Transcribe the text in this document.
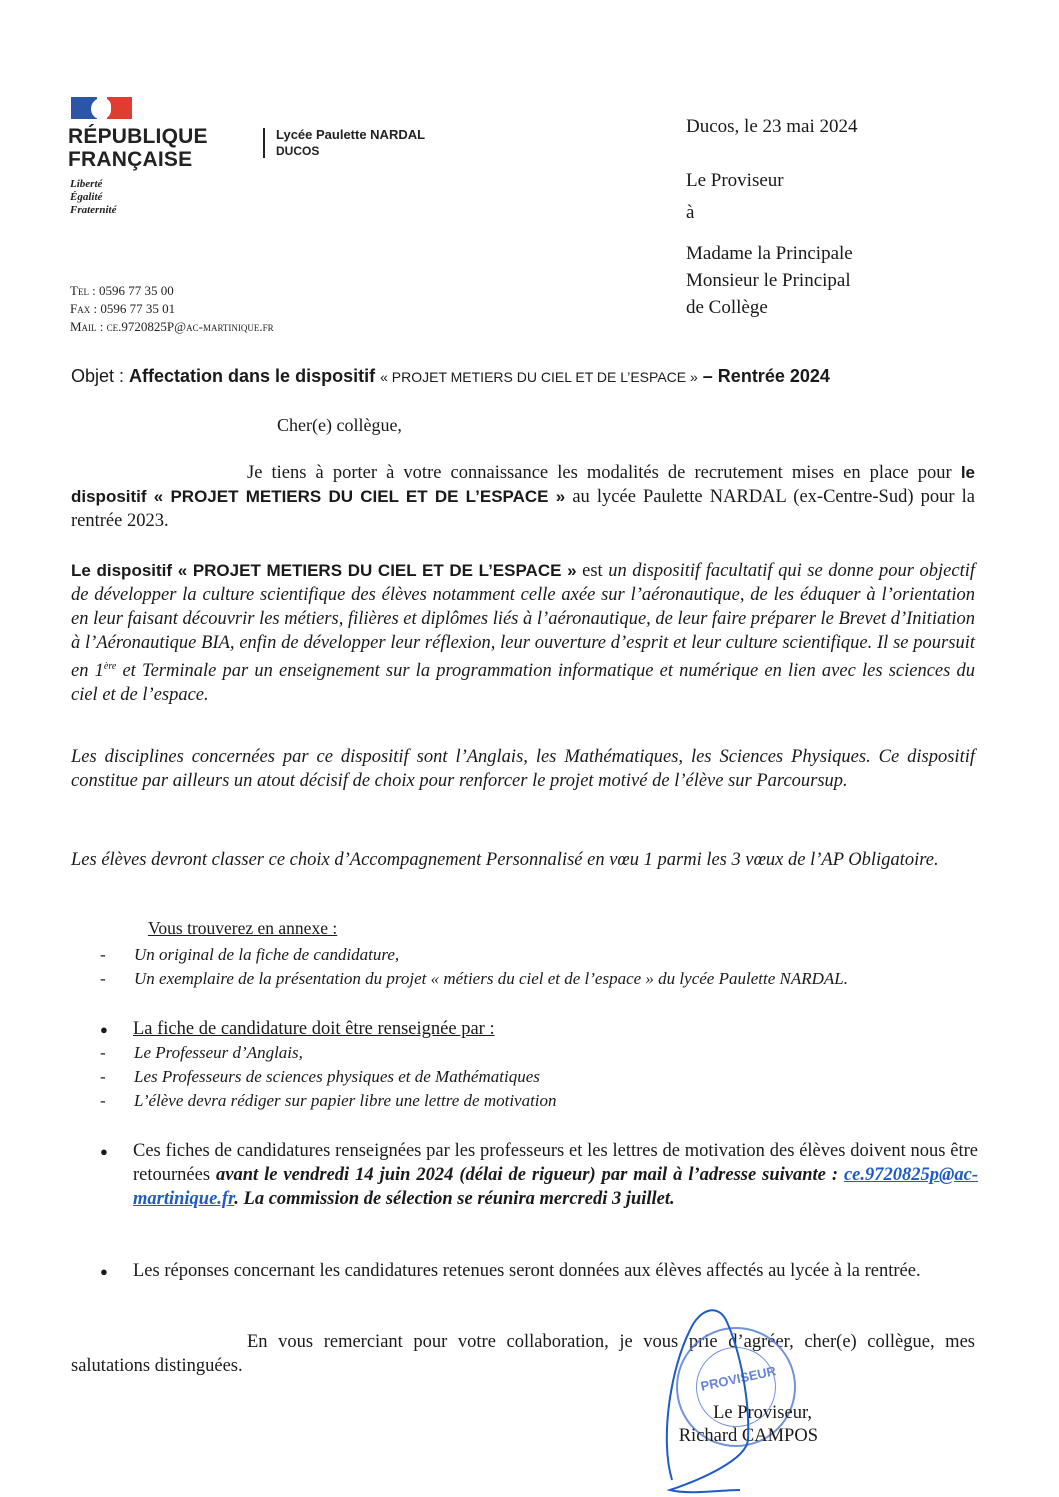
RÉPUBLIQUE
FRANÇAISE
Liberté
Égalité
Fraternité
Lycée Paulette NARDAL
DUCOS
Tel : 0596 77 35 00
Fax : 0596 77 35 01
Mail : ce.9720825P@ac-martinique.fr
Ducos, le 23 mai 2024
Le Proviseur
à
Madame la Principale
Monsieur le Principal
de Collège
Objet : Affectation dans le dispositif « PROJET METIERS DU CIEL ET DE L’ESPACE » – Rentrée 2024
Cher(e) collègue,
Je tiens à porter à votre connaissance les modalités de recrutement mises en place pour le dispositif « PROJET METIERS DU CIEL ET DE L’ESPACE » au lycée Paulette NARDAL (ex-Centre-Sud) pour la rentrée 2023.
Le dispositif « PROJET METIERS DU CIEL ET DE L’ESPACE » est un dispositif facultatif qui se donne pour objectif de développer la culture scientifique des élèves notamment celle axée sur l’aéronautique, de les éduquer à l’orientation en leur faisant découvrir les métiers, filières et diplômes liés à l’aéronautique, de leur faire préparer le Brevet d’Initiation à l’Aéronautique BIA, enfin de développer leur réflexion, leur ouverture d’esprit et leur culture scientifique. Il se poursuit en 1ère et Terminale par un enseignement sur la programmation informatique et numérique en lien avec les sciences du ciel et de l’espace.
Les disciplines concernées par ce dispositif sont l’Anglais, les Mathématiques, les Sciences Physiques. Ce dispositif constitue par ailleurs un atout décisif de choix pour renforcer le projet motivé de l’élève sur Parcoursup.
Les élèves devront classer ce choix d’Accompagnement Personnalisé en vœu 1 parmi les 3 vœux de l’AP Obligatoire.
Vous trouverez en annexe :
-	Un original de la fiche de candidature,
-	Un exemplaire de la présentation du projet « métiers du ciel et de l’espace » du lycée Paulette NARDAL.
●	La fiche de candidature doit être renseignée par :
-	Le Professeur d’Anglais,
-	Les Professeurs de sciences physiques et de Mathématiques
-	L’élève devra rédiger sur papier libre une lettre de motivation
●	Ces fiches de candidatures renseignées par les professeurs et les lettres de motivation des élèves doivent nous être retournées avant le vendredi 14 juin 2024 (délai de rigueur) par mail à l’adresse suivante : ce.9720825p@ac-martinique.fr. La commission de sélection se réunira mercredi 3 juillet.
●	Les réponses concernant les candidatures retenues seront données aux élèves affectés au lycée à la rentrée.
En vous remerciant pour votre collaboration, je vous prie d’agréer, cher(e) collègue, mes salutations distinguées.	PROVISEUR
Le Proviseur,
Richard CAMPOS
